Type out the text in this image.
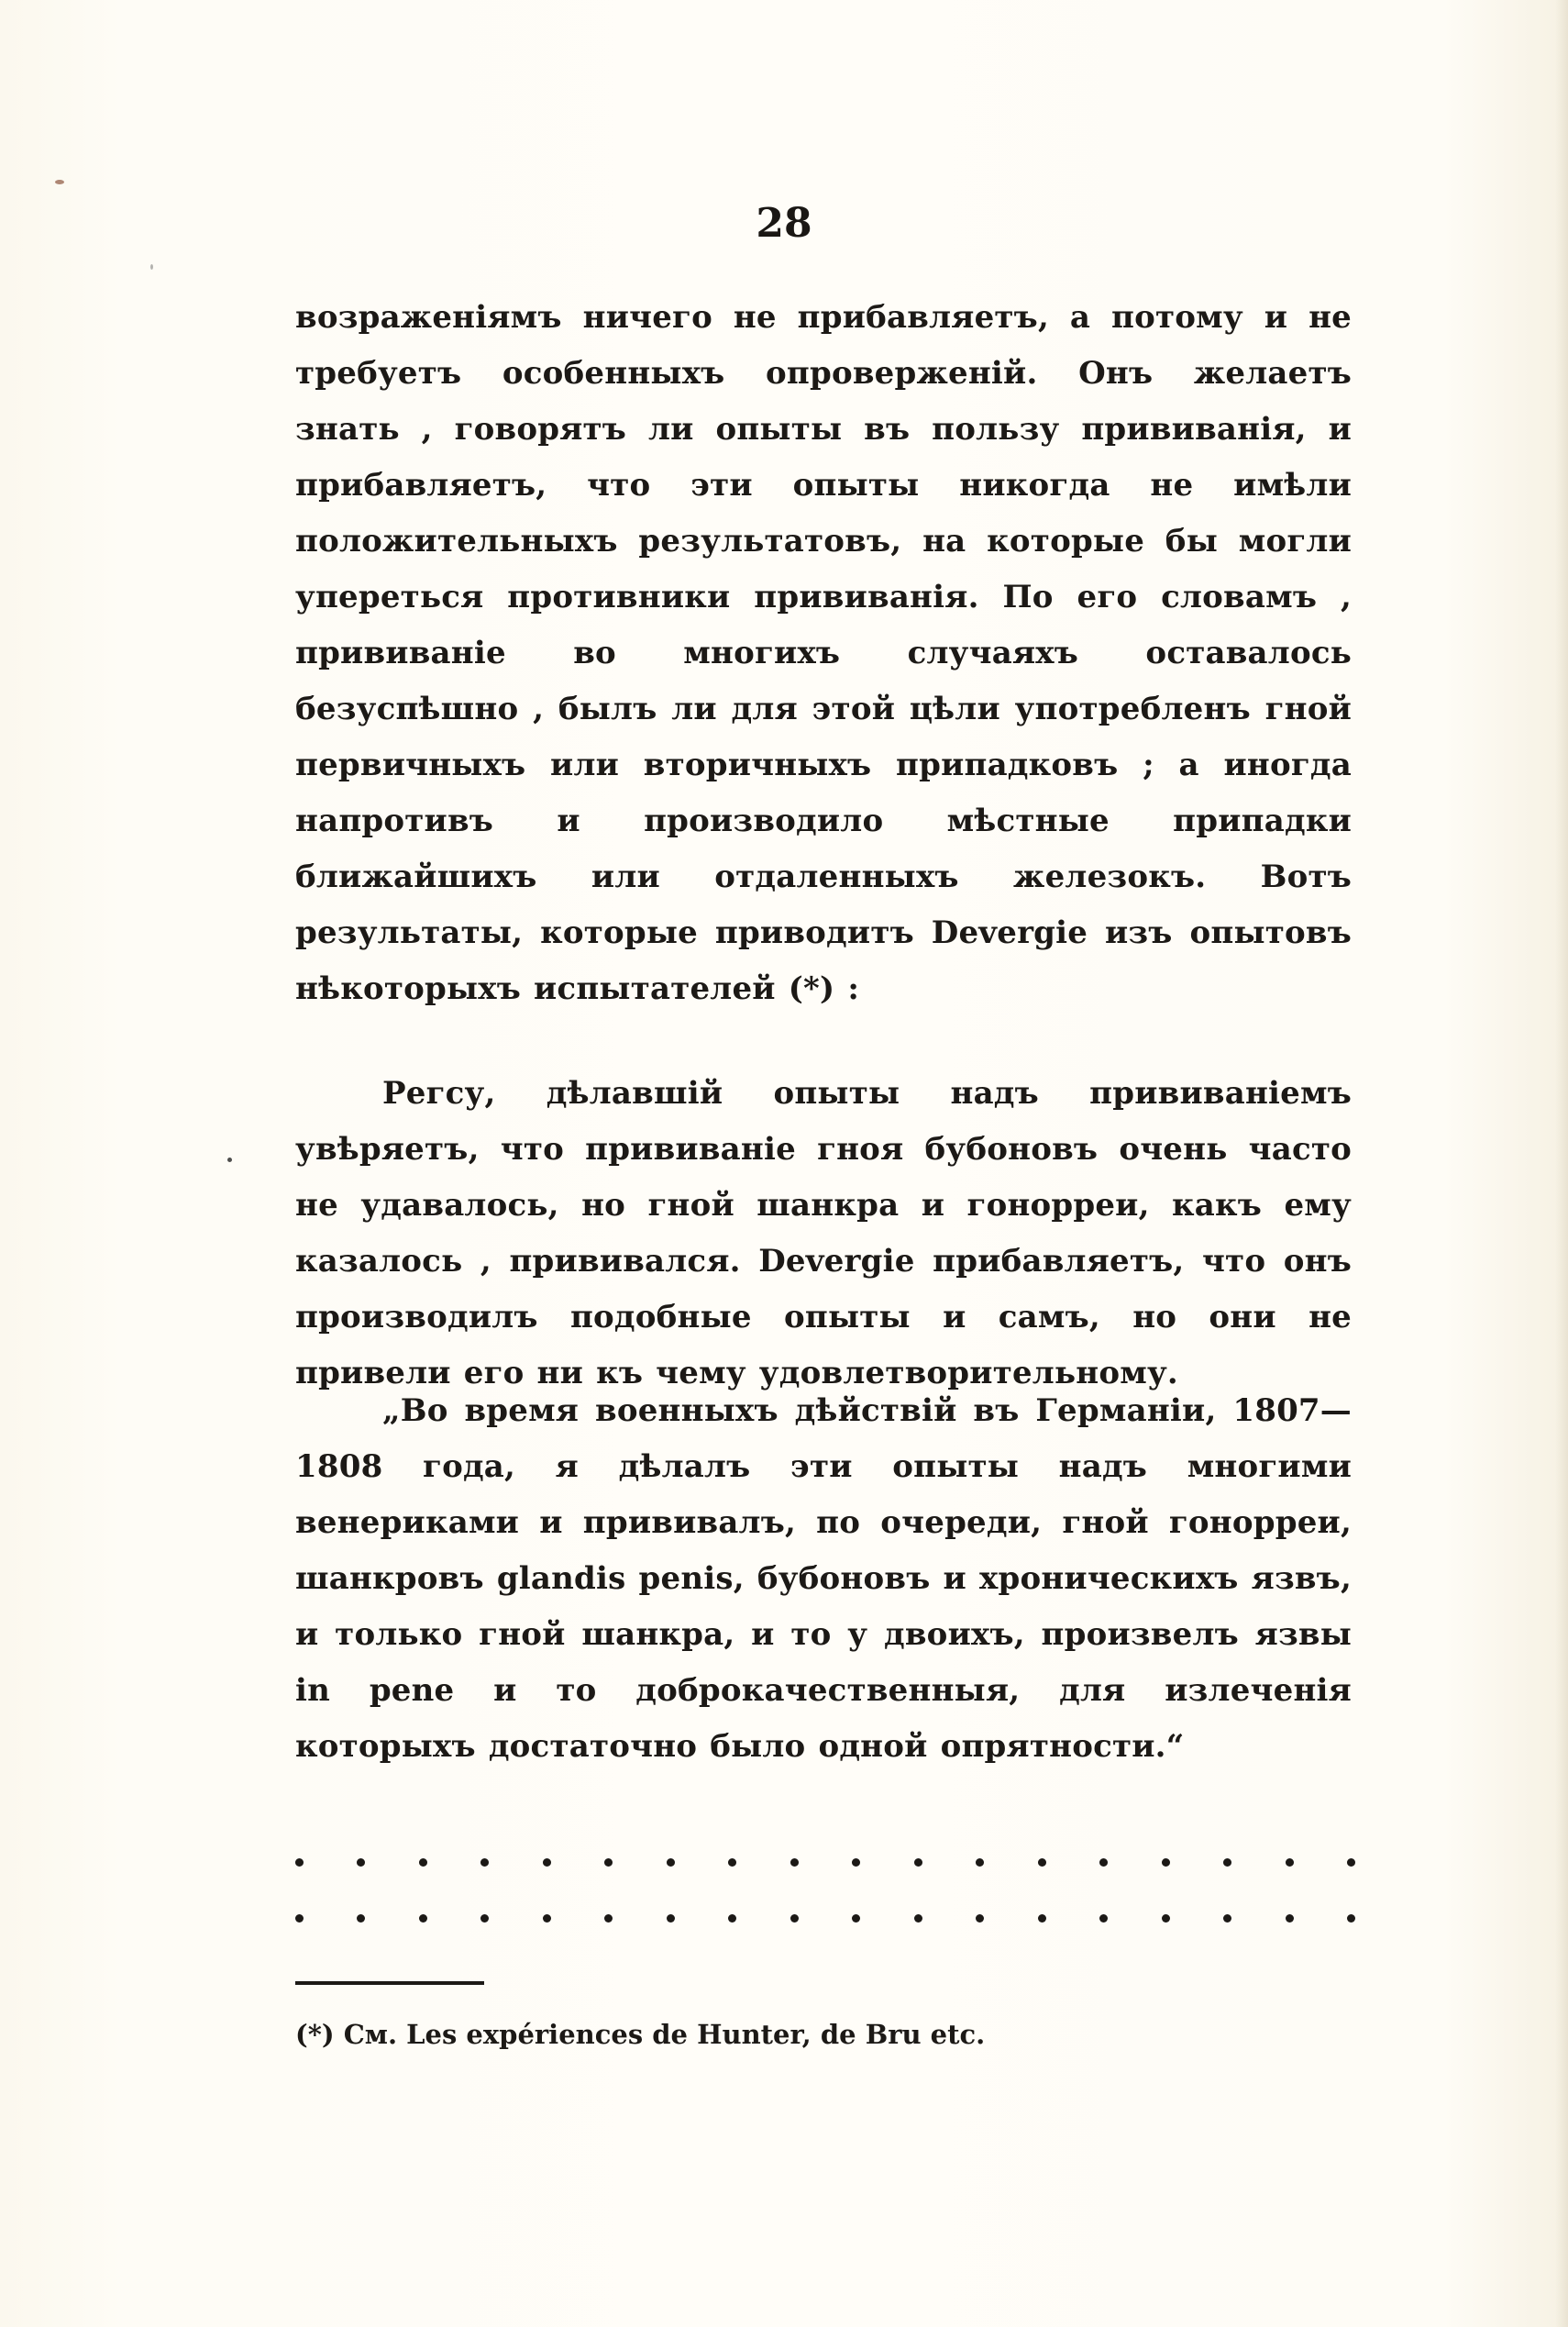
28

возраженіямъ ничего не прибавляетъ, а потому и не требуетъ особенныхъ опроверженій. Онъ желаетъ знать , говорятъ ли опыты въ пользу прививанія, и прибавляетъ, что эти опыты никогда не имѣли положительныхъ результатовъ, на которые бы могли упереться противники прививанія. По его словамъ , прививаніе во многихъ случаяхъ оставалось безуспѣшно , былъ ли для этой цѣли употребленъ гной первичныхъ или вторичныхъ припадковъ ; а иногда напротивъ и производило мѣстные припадки ближайшихъ или отдаленныхъ железокъ. Вотъ результаты, которые приводитъ Devergie изъ опытовъ нѣкоторыхъ испытателей (*) :

Регсу, дѣлавшій опыты надъ прививаніемъ увѣряетъ, что прививаніе гноя бубоновъ очень часто не удавалось, но гной шанкра и гонорреи, какъ ему казалось , прививался. Devergie прибавляетъ, что онъ производилъ подобные опыты и самъ, но они не привели его ни къ чему удовлетворительному.

„Во время военныхъ дѣйствій въ Германіи, 1807— 1808 года, я дѣлалъ эти опыты надъ многими венериками и прививалъ, по очереди, гной гонорреи, шанкровъ glandis penis, бубоновъ и хроническихъ язвъ, и только гной шанкра, и то у двоихъ, произвелъ язвы in pene и то доброкачественныя, для излеченія которыхъ достаточно было одной опрятности.“

(*) См. Les expériences de Hunter, de Bru etc.
